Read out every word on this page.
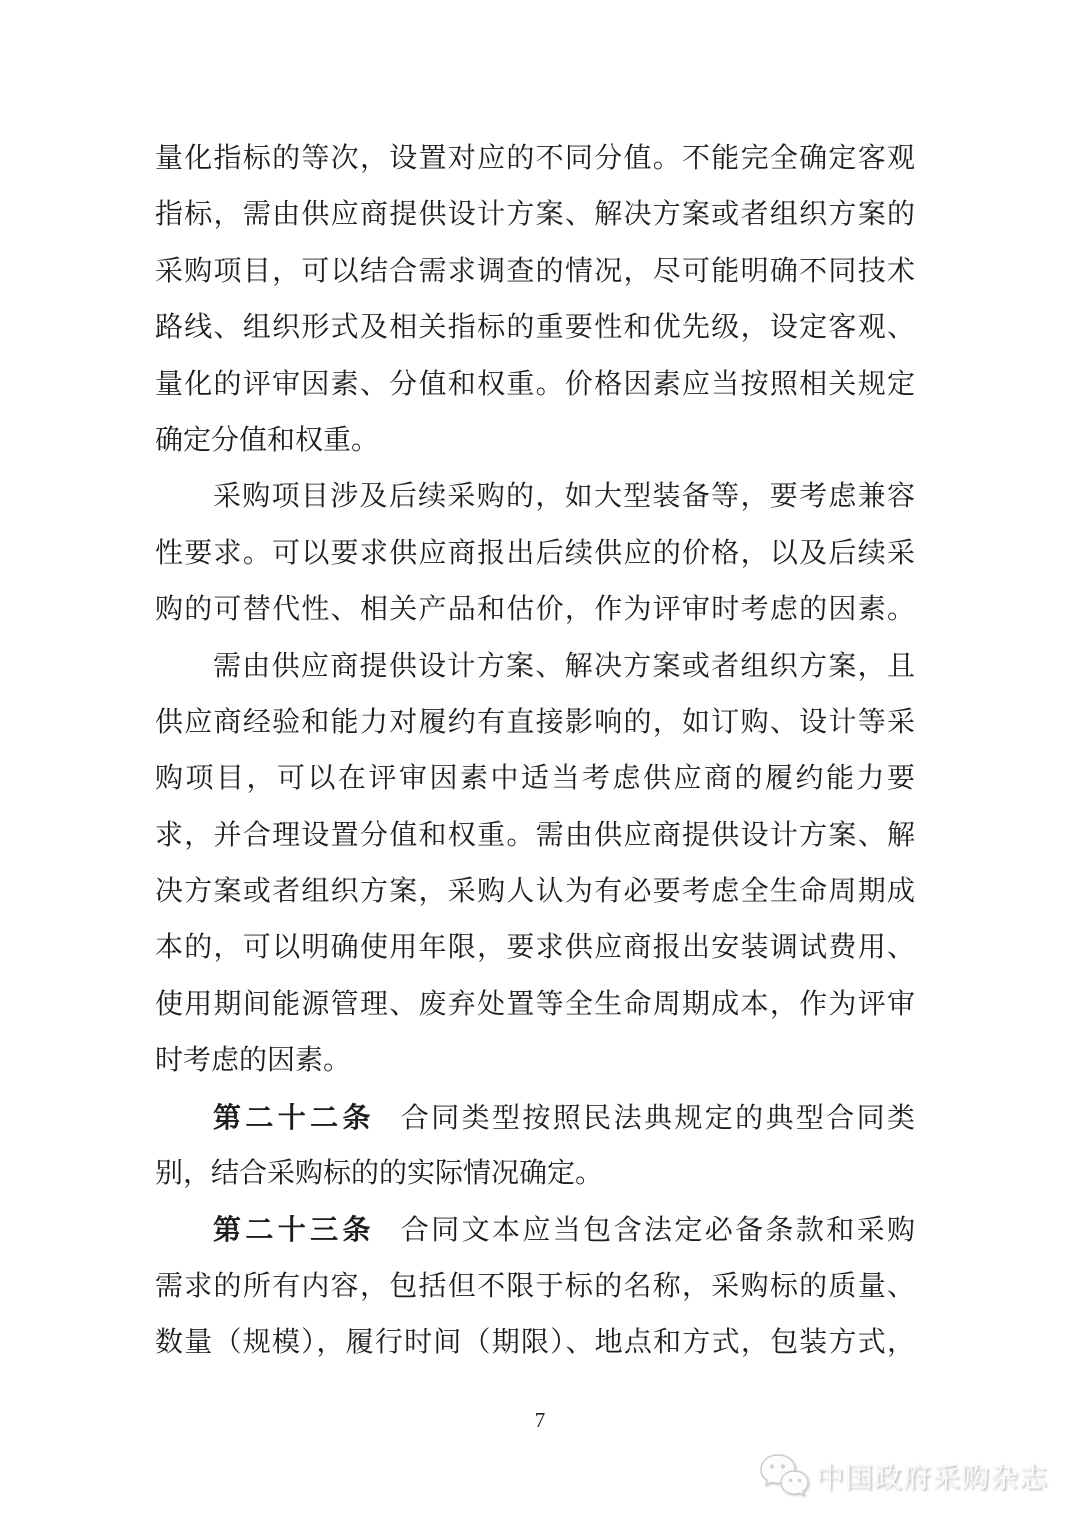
量化指标的等次，设置对应的不同分值。不能完全确定客观
指标，需由供应商提供设计方案、解决方案或者组织方案的
采购项目，可以结合需求调查的情况，尽可能明确不同技术
路线、组织形式及相关指标的重要性和优先级，设定客观、
量化的评审因素、分值和权重。价格因素应当按照相关规定
确定分值和权重。
采购项目涉及后续采购的，如大型装备等，要考虑兼容
性要求。可以要求供应商报出后续供应的价格，以及后续采
购的可替代性、相关产品和估价，作为评审时考虑的因素。
需由供应商提供设计方案、解决方案或者组织方案，且
供应商经验和能力对履约有直接影响的，如订购、设计等采
购项目，可以在评审因素中适当考虑供应商的履约能力要
求，并合理设置分值和权重。需由供应商提供设计方案、解
决方案或者组织方案，采购人认为有必要考虑全生命周期成
本的，可以明确使用年限，要求供应商报出安装调试费用、
使用期间能源管理、废弃处置等全生命周期成本，作为评审
时考虑的因素。
第二十二条 合同类型按照民法典规定的典型合同类
别，结合采购标的的实际情况确定。
第二十三条 合同文本应当包含法定必备条款和采购
需求的所有内容，包括但不限于标的名称，采购标的质量、
数量（规模），履行时间（期限）、地点和方式，包装方式，
7
中国政府采购杂志
